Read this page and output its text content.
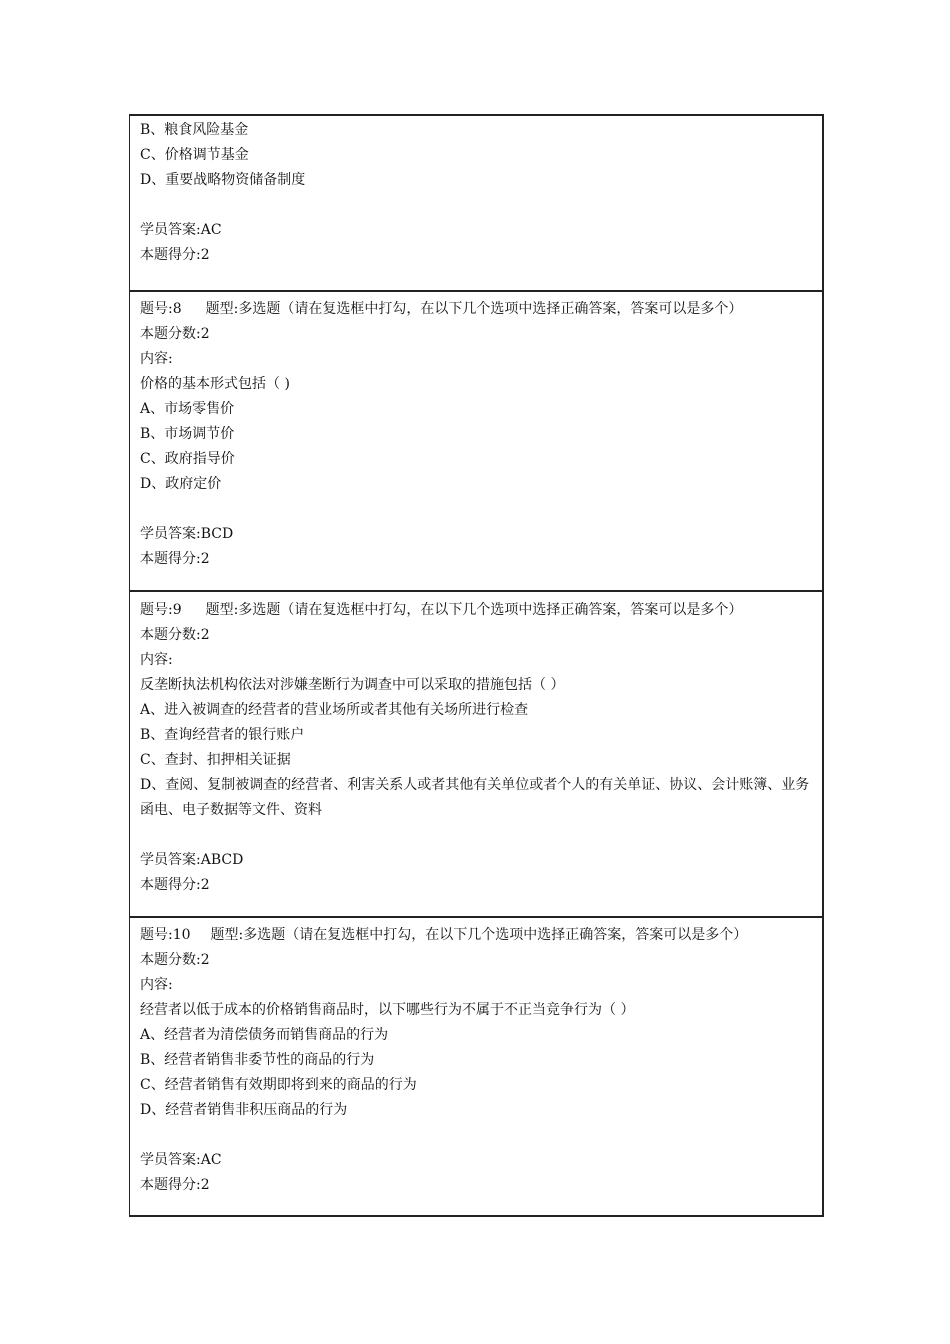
B、粮食风险基金
C、价格调节基金
D、重要战略物资储备制度
学员答案:AC
本题得分:2
题号:8 题型:多选题（请在复选框中打勾，在以下几个选项中选择正确答案，答案可以是多个）
本题分数:2
内容:
价格的基本形式包括（ )
A、市场零售价
B、市场调节价
C、政府指导价
D、政府定价
学员答案:BCD
本题得分:2
题号:9 题型:多选题（请在复选框中打勾，在以下几个选项中选择正确答案，答案可以是多个）
本题分数:2
内容:
反垄断执法机构依法对涉嫌垄断行为调查中可以采取的措施包括（ ）
A、进入被调查的经营者的营业场所或者其他有关场所进行检查
B、查询经营者的银行账户
C、查封、扣押相关证据
D、查阅、复制被调查的经营者、利害关系人或者其他有关单位或者个人的有关单证、协议、会计账簿、业务函电、电子数据等文件、资料
学员答案:ABCD
本题得分:2
题号:10 题型:多选题（请在复选框中打勾，在以下几个选项中选择正确答案，答案可以是多个）
本题分数:2
内容:
经营者以低于成本的价格销售商品时，以下哪些行为不属于不正当竞争行为（ ）
A、经营者为清偿债务而销售商品的行为
B、经营者销售非委节性的商品的行为
C、经营者销售有效期即将到来的商品的行为
D、经营者销售非积压商品的行为
学员答案:AC
本题得分:2
